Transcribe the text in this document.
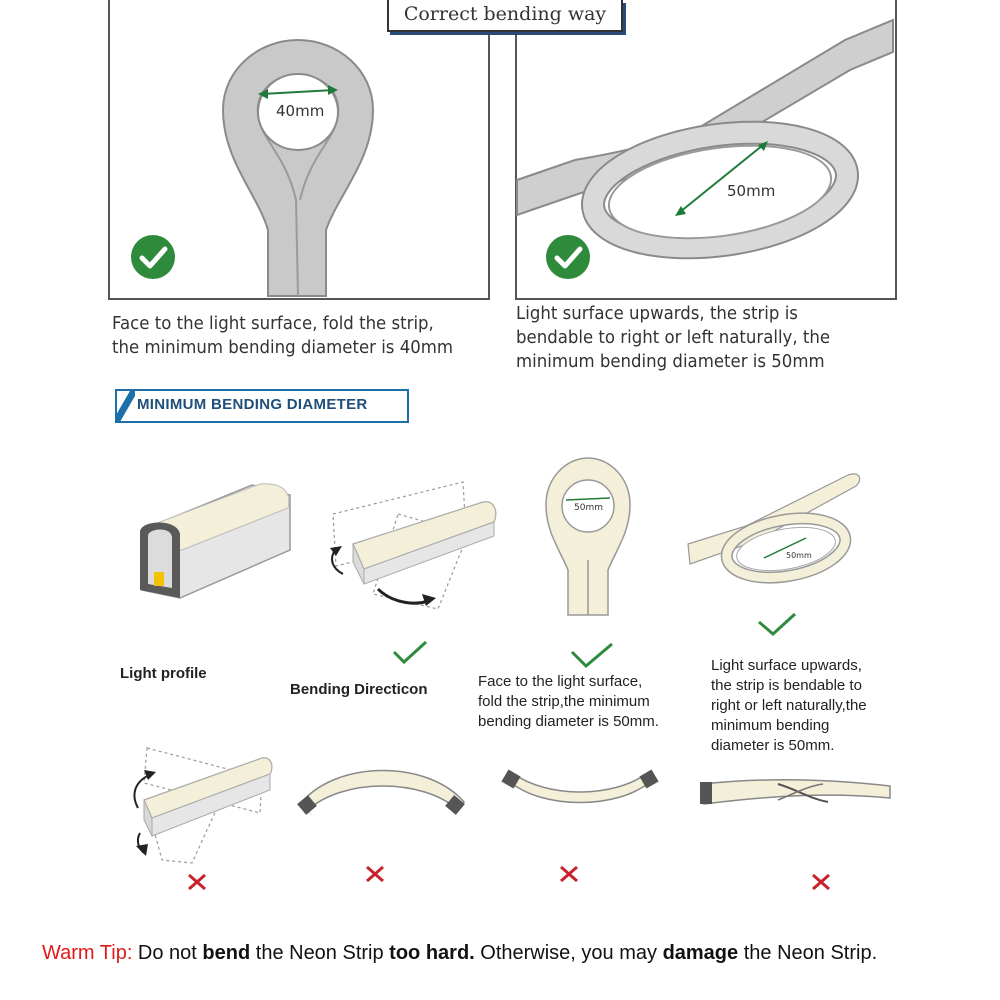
Correct bending way
40mm
50mm
Face to the light surface, fold the strip,
the minimum bending diameter is 40mm
Light surface upwards, the strip is
bendable to right or left naturally, the
minimum bending diameter is 50mm
MINIMUM BENDING DIAMETER
Light profile
Bending Directicon
50mm
Face to the light surface,
fold the strip,the minimum
bending diameter is 50mm.
50mm
Light surface upwards,
the strip is bendable to
right or left naturally,the
minimum bending
diameter is 50mm.
Warm Tip: Do not bend the Neon Strip too hard. Otherwise, you may damage the Neon Strip.
